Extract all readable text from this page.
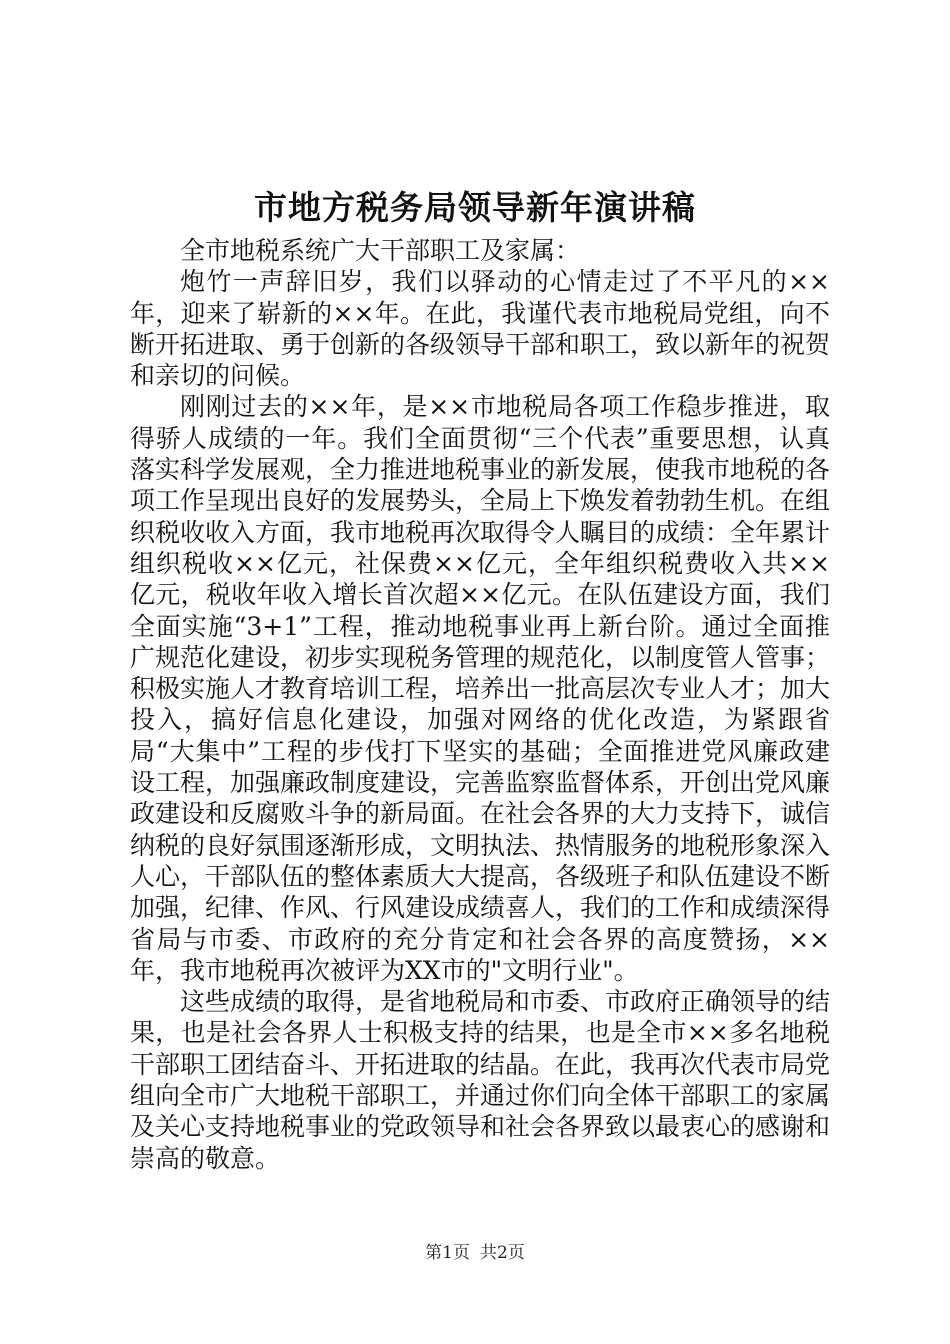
市地方税务局领导新年演讲稿

全市地税系统广大干部职工及家属：

炮竹一声辞旧岁，我们以驿动的心情走过了不平凡的××年，迎来了崭新的××年。在此，我谨代表市地税局党组，向不断开拓进取、勇于创新的各级领导干部和职工，致以新年的祝贺和亲切的问候。

刚刚过去的××年，是××市地税局各项工作稳步推进，取得骄人成绩的一年。我们全面贯彻“三个代表”重要思想，认真落实科学发展观，全力推进地税事业的新发展，使我市地税的各项工作呈现出良好的发展势头，全局上下焕发着勃勃生机。在组织税收收入方面，我市地税再次取得令人瞩目的成绩：全年累计组织税收××亿元，社保费××亿元，全年组织税费收入共××亿元，税收年收入增长首次超××亿元。在队伍建设方面，我们全面实施“3+1”工程，推动地税事业再上新台阶。通过全面推广规范化建设，初步实现税务管理的规范化，以制度管人管事；积极实施人才教育培训工程，培养出一批高层次专业人才；加大投入，搞好信息化建设，加强对网络的优化改造，为紧跟省局“大集中”工程的步伐打下坚实的基础；全面推进党风廉政建设工程，加强廉政制度建设，完善监察监督体系，开创出党风廉政建设和反腐败斗争的新局面。在社会各界的大力支持下，诚信纳税的良好氛围逐渐形成，文明执法、热情服务的地税形象深入人心，干部队伍的整体素质大大提高，各级班子和队伍建设不断加强，纪律、作风、行风建设成绩喜人，我们的工作和成绩深得省局与市委、市政府的充分肯定和社会各界的高度赞扬，××年，我市地税再次被评为XX市的"文明行业"。

这些成绩的取得，是省地税局和市委、市政府正确领导的结果，也是社会各界人士积极支持的结果，也是全市××多名地税干部职工团结奋斗、开拓进取的结晶。在此，我再次代表市局党组向全市广大地税干部职工，并通过你们向全体干部职工的家属及关心支持地税事业的党政领导和社会各界致以最衷心的感谢和崇高的敬意。

第1页 共2页
